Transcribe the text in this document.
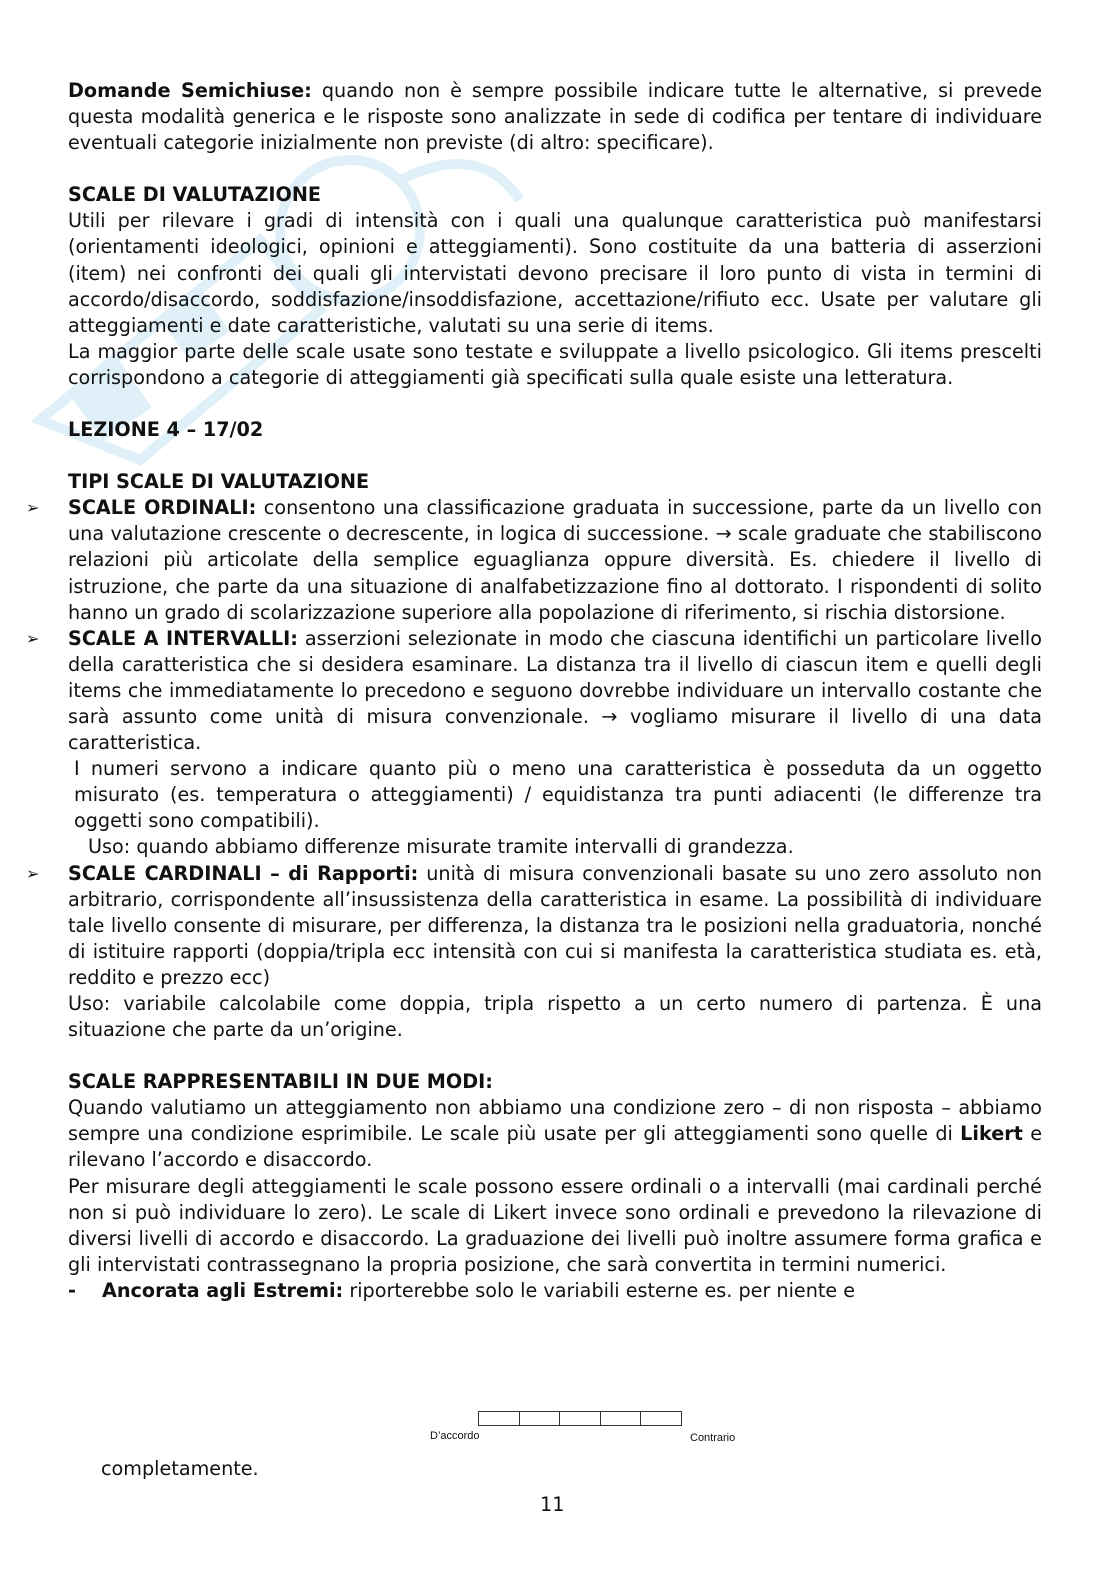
Domande Semichiuse: quando non è sempre possibile indicare tutte le alternative, si prevede questa modalità generica e le risposte sono analizzate in sede di codifica per tentare di individuare eventuali categorie inizialmente non previste (di altro: specificare).

SCALE DI VALUTAZIONE

Utili per rilevare i gradi di intensità con i quali una qualunque caratteristica può manifestarsi (orientamenti ideologici, opinioni e atteggiamenti). Sono costituite da una batteria di asserzioni (item) nei confronti dei quali gli intervistati devono precisare il loro punto di vista in termini di accordo/disaccordo, soddisfazione/insoddisfazione, accettazione/rifiuto ecc. Usate per valutare gli atteggiamenti e date caratteristiche, valutati su una serie di items.

La maggior parte delle scale usate sono testate e sviluppate a livello psicologico. Gli items prescelti corrispondono a categorie di atteggiamenti già specificati sulla quale esiste una letteratura.

LEZIONE 4 – 17/02

TIPI SCALE DI VALUTAZIONE

➢ SCALE ORDINALI: consentono una classificazione graduata in successione, parte da un livello con una valutazione crescente o decrescente, in logica di successione. → scale graduate che stabiliscono relazioni più articolate della semplice eguaglianza oppure diversità. Es. chiedere il livello di istruzione, che parte da una situazione di analfabetizzazione fino al dottorato. I rispondenti di solito hanno un grado di scolarizzazione superiore alla popolazione di riferimento, si rischia distorsione.

➢ SCALE A INTERVALLI: asserzioni selezionate in modo che ciascuna identifichi un particolare livello della caratteristica che si desidera esaminare. La distanza tra il livello di ciascun item e quelli degli items che immediatamente lo precedono e seguono dovrebbe individuare un intervallo costante che sarà assunto come unità di misura convenzionale. → vogliamo misurare il livello di una data caratteristica.

I numeri servono a indicare quanto più o meno una caratteristica è posseduta da un oggetto misurato (es. temperatura o atteggiamenti) / equidistanza tra punti adiacenti (le differenze tra oggetti sono compatibili).

Uso: quando abbiamo differenze misurate tramite intervalli di grandezza.

➢ SCALE CARDINALI – di Rapporti: unità di misura convenzionali basate su uno zero assoluto non arbitrario, corrispondente all’insussistenza della caratteristica in esame. La possibilità di individuare tale livello consente di misurare, per differenza, la distanza tra le posizioni nella graduatoria, nonché di istituire rapporti (doppia/tripla ecc intensità con cui si manifesta la caratteristica studiata es. età, reddito e prezzo ecc)

Uso: variabile calcolabile come doppia, tripla rispetto a un certo numero di partenza. È una situazione che parte da un’origine.

SCALE RAPPRESENTABILI IN DUE MODI:

Quando valutiamo un atteggiamento non abbiamo una condizione zero – di non risposta – abbiamo sempre una condizione esprimibile. Le scale più usate per gli atteggiamenti sono quelle di Likert e rilevano l’accordo e disaccordo.

Per misurare degli atteggiamenti le scale possono essere ordinali o a intervalli (mai cardinali perché non si può individuare lo zero). Le scale di Likert invece sono ordinali e prevedono la rilevazione di diversi livelli di accordo e disaccordo. La graduazione dei livelli può inoltre assumere forma grafica e gli intervistati contrassegnano la propria posizione, che sarà convertita in termini numerici.

- Ancorata agli Estremi: riporterebbe solo le variabili esterne es. per niente e

D’accordo	Contrario
completamente.
11
